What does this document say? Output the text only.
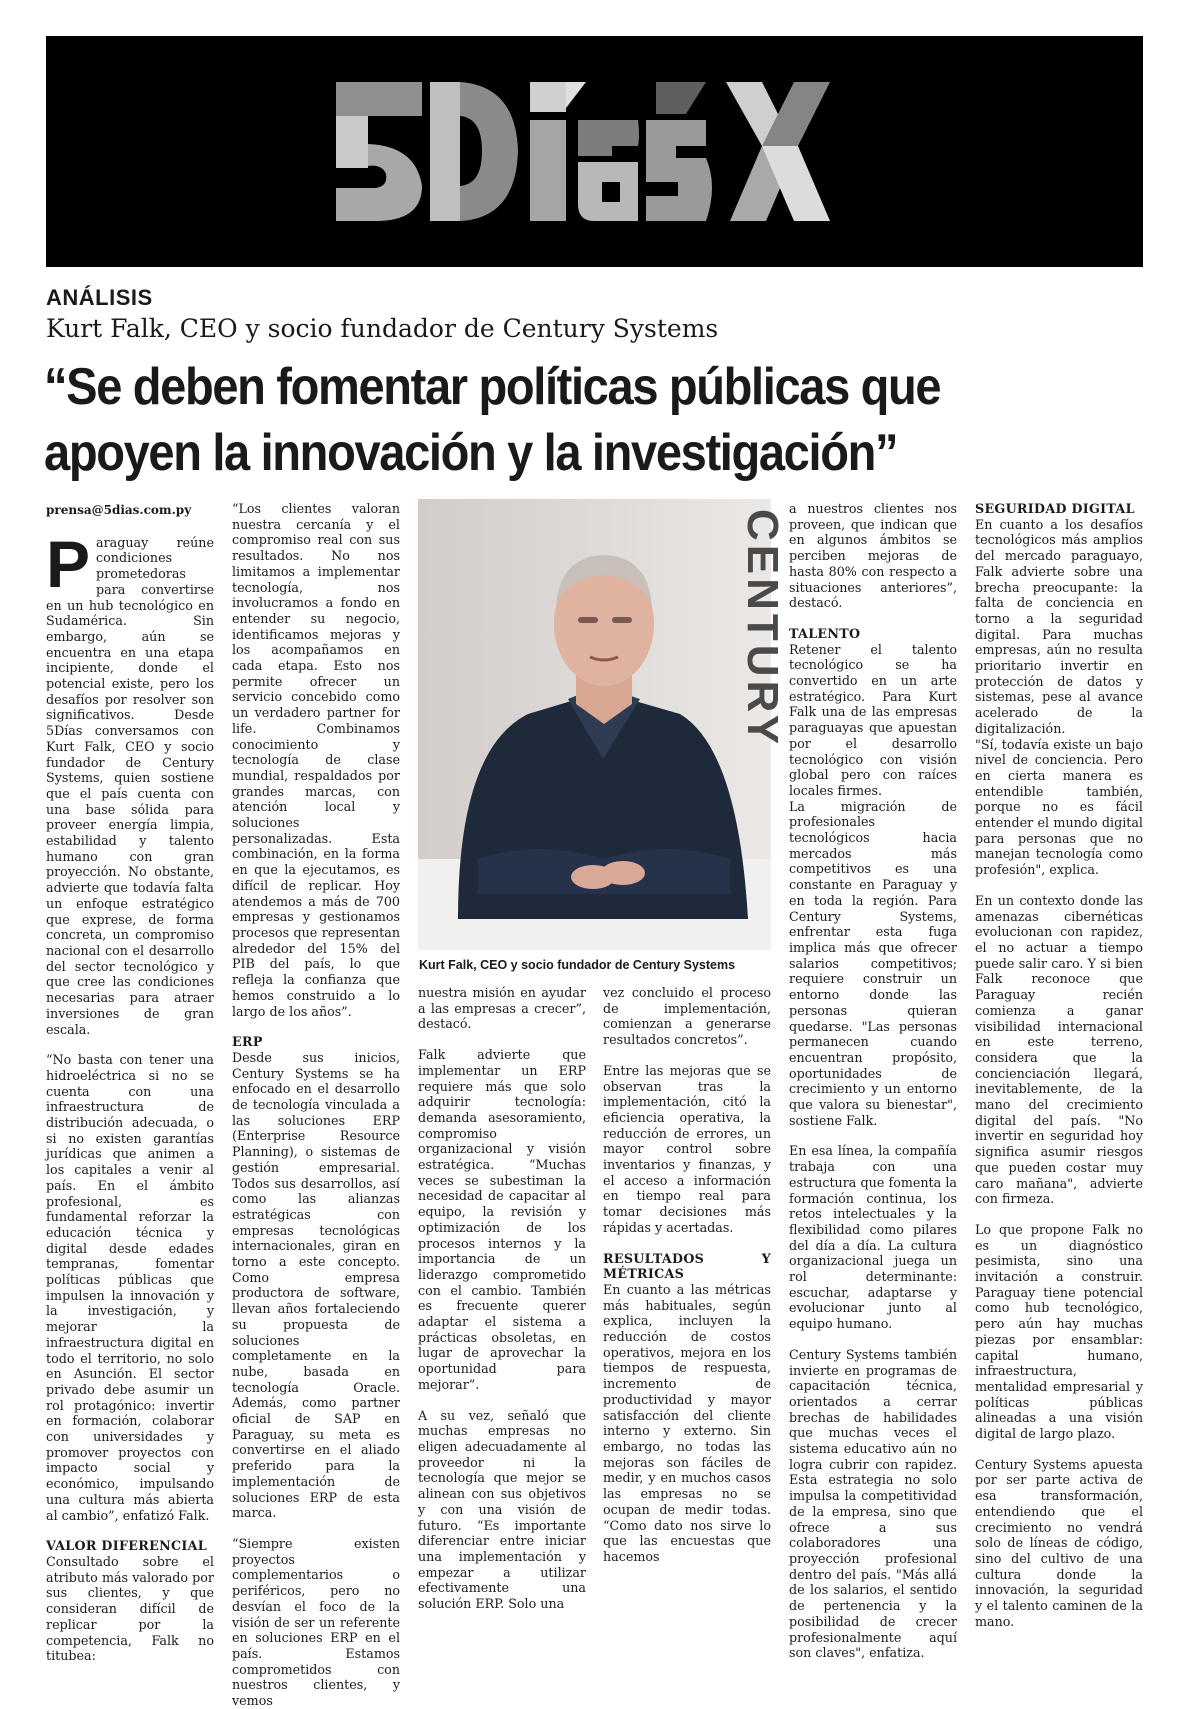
ANÁLISIS
Kurt Falk, CEO y socio fundador de Century Systems
“Se deben fomentar políticas públicas que
apoyen la innovación y la investigación”
prensa@5dias.com.py

Paraguay reúne condiciones prometedoras para convertirse en un hub tecnológico en Sudamérica. Sin embargo, aún se encuentra en una etapa incipiente, donde el potencial existe, pero los desafíos por resolver son significativos. Desde 5Días conversamos con Kurt Falk, CEO y socio fundador de Century Systems, quien sostiene que el país cuenta con una base sólida para proveer energía limpia, estabilidad y talento humano con gran proyección. No obstante, advierte que todavía falta un enfoque estratégico que exprese, de forma concreta, un compromiso nacional con el desarrollo del sector tecnológico y que cree las condiciones necesarias para atraer inversiones de gran escala.

“No basta con tener una hidroeléctrica si no se cuenta con una infraestructura de distribución adecuada, o si no existen garantías jurídicas que animen a los capitales a venir al país. En el ámbito profesional, es fundamental reforzar la educación técnica y digital desde edades tempranas, fomentar políticas públicas que impulsen la innovación y la investigación, y mejorar la infraestructura digital en todo el territorio, no solo en Asunción. El sector privado debe asumir un rol protagónico: invertir en formación, colaborar con universidades y promover proyectos con impacto social y económico, impulsando una cultura más abierta al cambio”, enfatizó Falk.

VALOR DIFERENCIAL

Consultado sobre el atributo más valorado por sus clientes, y que consideran difícil de replicar por la competencia, Falk no titubea:

“Los clientes valoran nuestra cercanía y el compromiso real con sus resultados. No nos limitamos a implementar tecnología, nos involucramos a fondo en entender su negocio, identificamos mejoras y los acompañamos en cada etapa. Esto nos permite ofrecer un servicio concebido como un verdadero partner for life. Combinamos conocimiento y tecnología de clase mundial, respaldados por grandes marcas, con atención local y soluciones personalizadas. Esta combinación, en la forma en que la ejecutamos, es difícil de replicar. Hoy atendemos a más de 700 empresas y gestionamos procesos que representan alrededor del 15% del PIB del país, lo que refleja la confianza que hemos construido a lo largo de los años”.

ERP

Desde sus inicios, Century Systems se ha enfocado en el desarrollo de tecnología vinculada a las soluciones ERP (Enterprise Resource Planning), o sistemas de gestión empresarial. Todos sus desarrollos, así como las alianzas estratégicas con empresas tecnológicas internacionales, giran en torno a este concepto. Como empresa productora de software, llevan años fortaleciendo su propuesta de soluciones completamente en la nube, basada en tecnología Oracle. Además, como partner oficial de SAP en Paraguay, su meta es convertirse en el aliado preferido para la implementación de soluciones ERP de esta marca.

“Siempre existen proyectos complementarios o periféricos, pero no desvían el foco de la visión de ser un referente en soluciones ERP en el país. Estamos comprometidos con nuestros clientes, y vemos

CENTURY
Kurt Falk, CEO y socio fundador de Century Systems

nuestra misión en ayudar a las empresas a crecer”, destacó.

Falk advierte que implementar un ERP requiere más que solo adquirir tecnología: demanda asesoramiento, compromiso organizacional y visión estratégica. “Muchas veces se subestiman la necesidad de capacitar al equipo, la revisión y optimización de los procesos internos y la importancia de un liderazgo comprometido con el cambio. También es frecuente querer adaptar el sistema a prácticas obsoletas, en lugar de aprovechar la oportunidad para mejorar”.

A su vez, señaló que muchas empresas no eligen adecuadamente al proveedor ni la tecnología que mejor se alinean con sus objetivos y con una visión de futuro. “Es importante diferenciar entre iniciar una implementación y empezar a utilizar efectivamente una solución ERP. Solo una

vez concluido el proceso de implementación, comienzan a generarse resultados concretos”.

Entre las mejoras que se observan tras la implementación, citó la eficiencia operativa, la reducción de errores, un mayor control sobre inventarios y finanzas, y el acceso a información en tiempo real para tomar decisiones más rápidas y acertadas.

RESULTADOS Y MÉTRICAS

En cuanto a las métricas más habituales, según explica, incluyen la reducción de costos operativos, mejora en los tiempos de respuesta, incremento de productividad y mayor satisfacción del cliente interno y externo. Sin embargo, no todas las mejoras son fáciles de medir, y en muchos casos las empresas no se ocupan de medir todas. “Como dato nos sirve lo que las encuestas que hacemos

a nuestros clientes nos proveen, que indican que en algunos ámbitos se perciben mejoras de hasta 80% con respecto a situaciones anteriores”, destacó.

TALENTO

Retener el talento tecnológico se ha convertido en un arte estratégico. Para Kurt Falk una de las empresas paraguayas que apuestan por el desarrollo tecnológico con visión global pero con raíces locales firmes.

La migración de profesionales tecnológicos hacia mercados más competitivos es una constante en Paraguay y en toda la región. Para Century Systems, enfrentar esta fuga implica más que ofrecer salarios competitivos; requiere construir un entorno donde las personas quieran quedarse. "Las personas permanecen cuando encuentran propósito, oportunidades de crecimiento y un entorno que valora su bienestar", sostiene Falk.

En esa línea, la compañía trabaja con una estructura que fomenta la formación continua, los retos intelectuales y la flexibilidad como pilares del día a día. La cultura organizacional juega un rol determinante: escuchar, adaptarse y evolucionar junto al equipo humano.

Century Systems también invierte en programas de capacitación técnica, orientados a cerrar brechas de habilidades que muchas veces el sistema educativo aún no logra cubrir con rapidez. Esta estrategia no solo impulsa la competitividad de la empresa, sino que ofrece a sus colaboradores una proyección profesional dentro del país. "Más allá de los salarios, el sentido de pertenencia y la posibilidad de crecer profesionalmente aquí son claves", enfatiza.

SEGURIDAD DIGITAL

En cuanto a los desafíos tecnológicos más amplios del mercado paraguayo, Falk advierte sobre una brecha preocupante: la falta de conciencia en torno a la seguridad digital. Para muchas empresas, aún no resulta prioritario invertir en protección de datos y sistemas, pese al avance acelerado de la digitalización.

"Sí, todavía existe un bajo nivel de conciencia. Pero en cierta manera es entendible también, porque no es fácil entender el mundo digital para personas que no manejan tecnología como profesión", explica.

En un contexto donde las amenazas cibernéticas evolucionan con rapidez, el no actuar a tiempo puede salir caro. Y si bien Falk reconoce que Paraguay recién comienza a ganar visibilidad internacional en este terreno, considera que la concienciación llegará, inevitablemente, de la mano del crecimiento digital del país. "No invertir en seguridad hoy significa asumir riesgos que pueden costar muy caro mañana", advierte con firmeza.

Lo que propone Falk no es un diagnóstico pesimista, sino una invitación a construir. Paraguay tiene potencial como hub tecnológico, pero aún hay muchas piezas por ensamblar: capital humano, infraestructura, mentalidad empresarial y políticas públicas alineadas a una visión digital de largo plazo.

Century Systems apuesta por ser parte activa de esa transformación, entendiendo que el crecimiento no vendrá solo de líneas de código, sino del cultivo de una cultura donde la innovación, la seguridad y el talento caminen de la mano.
